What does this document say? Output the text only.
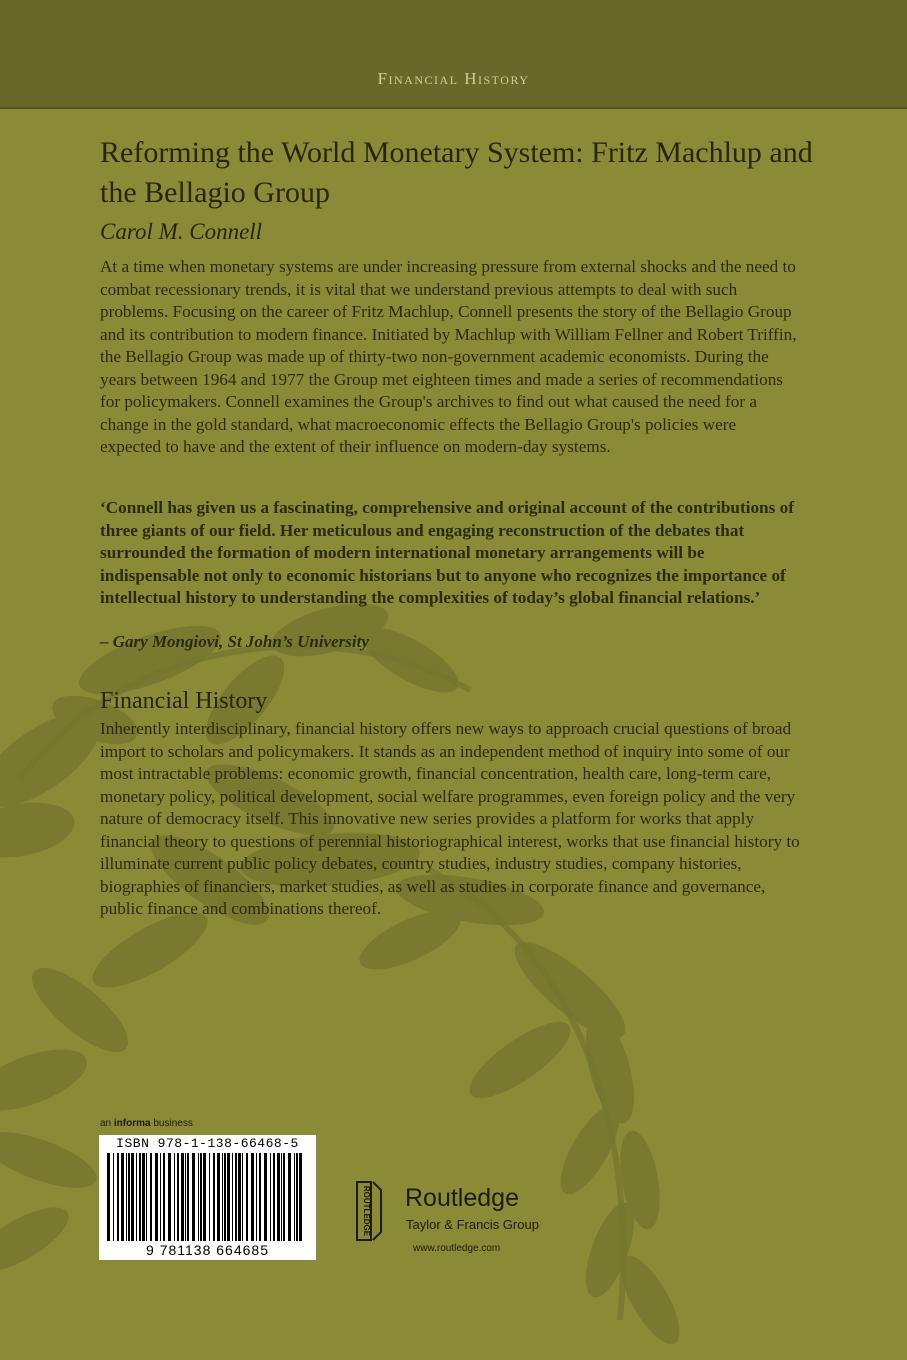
Financial History
Reforming the World Monetary System: Fritz Machlup and the Bellagio Group
Carol M. Connell

At a time when monetary systems are under increasing pressure from external shocks and the need to combat recessionary trends, it is vital that we understand previous attempts to deal with such problems. Focusing on the career of Fritz Machlup, Connell presents the story of the Bellagio Group and its contribution to modern finance. Initiated by Machlup with William Fellner and Robert Triffin, the Bellagio Group was made up of thirty-two non-government academic economists. During the years between 1964 and 1977 the Group met eighteen times and made a series of recommendations for policymakers. Connell examines the Group's archives to find out what caused the need for a change in the gold standard, what macroeconomic effects the Bellagio Group's policies were expected to have and the extent of their influence on modern-day systems.

‘Connell has given us a fascinating, comprehensive and original account of the contributions of three giants of our field. Her meticulous and engaging reconstruction of the debates that surrounded the formation of modern international monetary arrangements will be indispensable not only to economic historians but to anyone who recognizes the importance of intellectual history to understanding the complexities of today’s global financial relations.’

– Gary Mongiovi, St John’s University
Financial History

Inherently interdisciplinary, financial history offers new ways to approach crucial questions of broad import to scholars and policymakers. It stands as an independent method of inquiry into some of our most intractable problems: economic growth, financial concentration, health care, long-term care, monetary policy, political development, social welfare programmes, even foreign policy and the very nature of democracy itself. This innovative new series provides a platform for works that apply financial theory to questions of perennial historiographical interest, works that use financial history to illuminate current public policy debates, country studies, industry studies, company histories, biographies of financiers, market studies, as well as studies in corporate finance and governance, public finance and combinations thereof.

an informa business
ISBN 978-1-138-66468-5
9 781138 664685
ROUTLEDGE Routledge
Taylor & Francis Group
www.routledge.com
